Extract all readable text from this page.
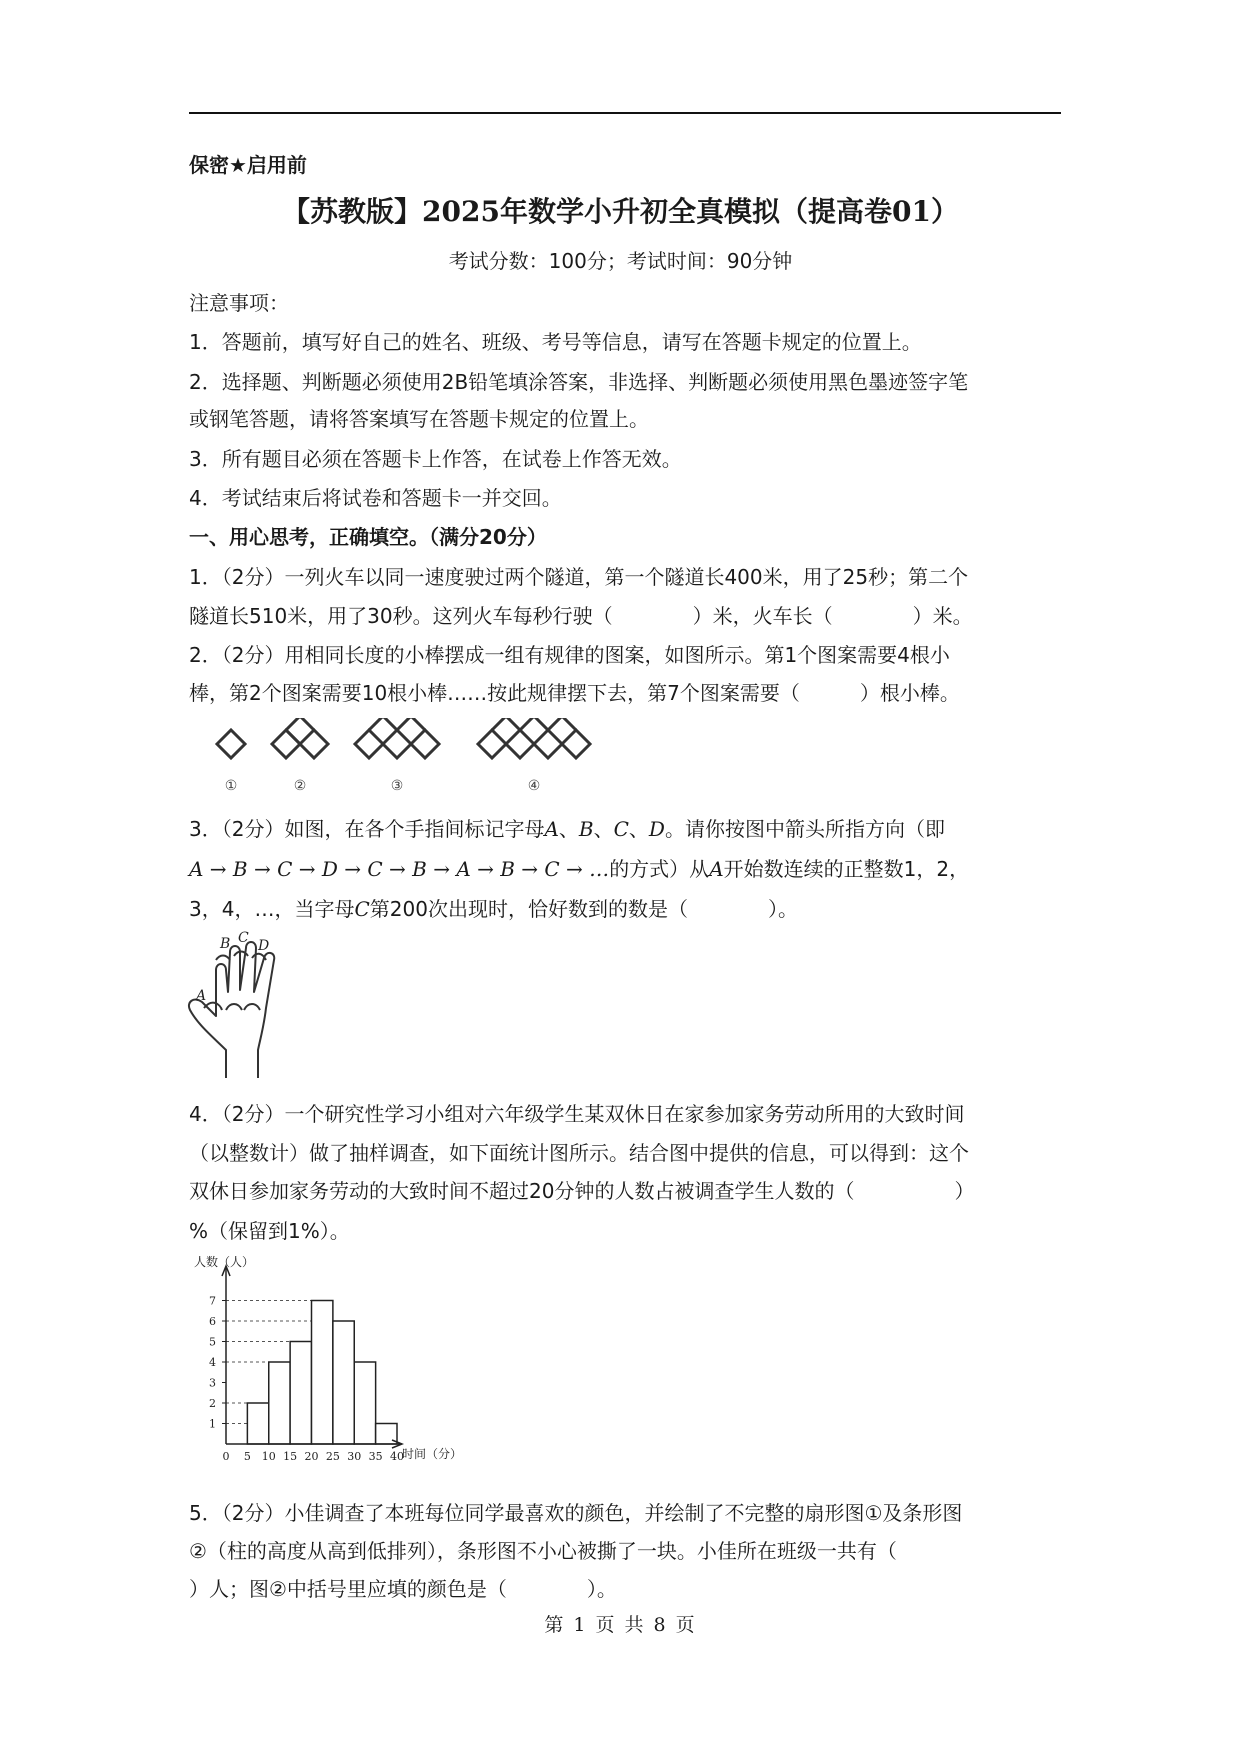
保密★启用前
【苏教版】2025年数学小升初全真模拟（提高卷01）
考试分数：100分；考试时间：90分钟
注意事项：
1．答题前，填写好自己的姓名、班级、考号等信息，请写在答题卡规定的位置上。
2．选择题、判断题必须使用2B铅笔填涂答案，非选择、判断题必须使用黑色墨迹签字笔
或钢笔答题，请将答案填写在答题卡规定的位置上。
3．所有题目必须在答题卡上作答，在试卷上作答无效。
4．考试结束后将试卷和答题卡一并交回。
一、用心思考，正确填空。（满分20分）
1．（2分）一列火车以同一速度驶过两个隧道，第一个隧道长400米，用了25秒；第二个
隧道长510米，用了30秒。这列火车每秒行驶（　　　　）米，火车长（　　　　）米。
2．（2分）用相同长度的小棒摆成一组有规律的图案，如图所示。第1个图案需要4根小
棒，第2个图案需要10根小棒……按此规律摆下去，第7个图案需要（　　　）根小棒。
①	②	③	④
3．（2分）如图，在各个手指间标记字母A、B、C、D。请你按图中箭头所指方向（即
A → B → C → D → C → B → A → B → C → …的方式）从A开始数连续的正整数1，2，
3，4，…，当字母C第200次出现时，恰好数到的数是（　　　　）。
A
B C D
4．（2分）一个研究性学习小组对六年级学生某双休日在家参加家务劳动所用的大致时间
（以整数计）做了抽样调查，如下面统计图所示。结合图中提供的信息，可以得到：这个
双休日参加家务劳动的大致时间不超过20分钟的人数占被调查学生人数的（　　　　　）
%（保留到1%）。
人数（人）
时间（分）
0 5 10 15 20 25 30 35 40
1
2
3
4
5
6
7
5．（2分）小佳调查了本班每位同学最喜欢的颜色，并绘制了不完整的扇形图①及条形图
②（柱的高度从高到低排列），条形图不小心被撕了一块。小佳所在班级一共有（
）人；图②中括号里应填的颜色是（　　　　）。
第 1 页 共 8 页
